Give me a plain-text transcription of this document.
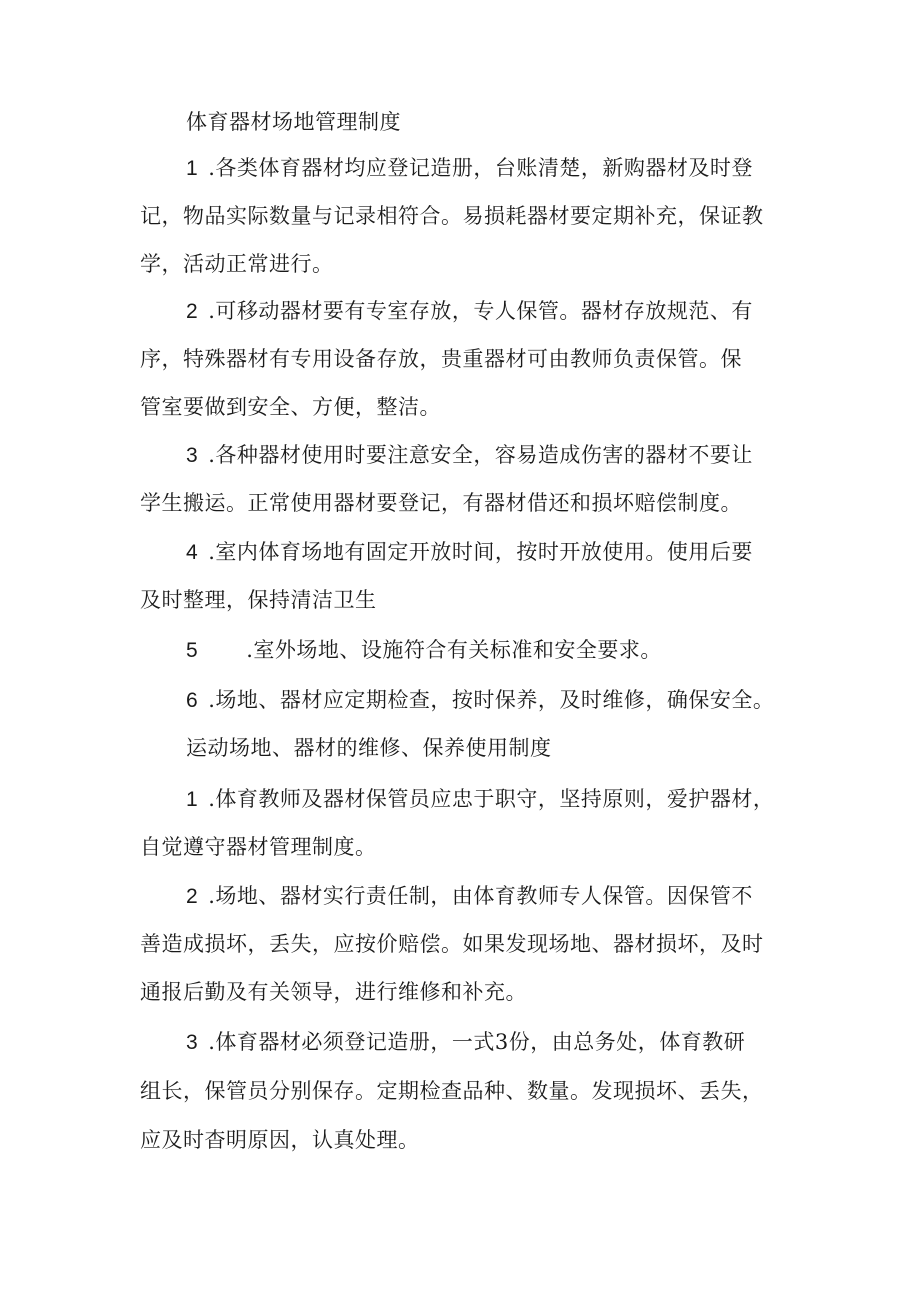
体育器材场地管理制度
1 .各类体育器材均应登记造册，台账清楚，新购器材及时登
记，物品实际数量与记录相符合。易损耗器材要定期补充，保证教
学，活动正常进行。
2 .可移动器材要有专室存放，专人保管。器材存放规范、有
序，特殊器材有专用设备存放，贵重器材可由教师负责保管。保
管室要做到安全、方便，整洁。
3 .各种器材使用时要注意安全，容易造成伤害的器材不要让
学生搬运。正常使用器材要登记，有器材借还和损坏赔偿制度。
4 .室内体育场地有固定开放时间，按时开放使用。使用后要
及时整理，保持清洁卫生
5 .室外场地、设施符合有关标准和安全要求。
6 .场地、器材应定期检查，按时保养，及时维修，确保安全。
运动场地、器材的维修、保养使用制度
1 .体育教师及器材保管员应忠于职守，坚持原则，爱护器材，
自觉遵守器材管理制度。
2 .场地、器材实行责任制，由体育教师专人保管。因保管不
善造成损坏，丢失，应按价赔偿。如果发现场地、器材损坏，及时
通报后勤及有关领导，进行维修和补充。
3 .体育器材必须登记造册，一式3份，由总务处，体育教研
组长，保管员分别保存。定期检查品种、数量。发现损坏、丢失，
应及时杳明原因，认真处理。
